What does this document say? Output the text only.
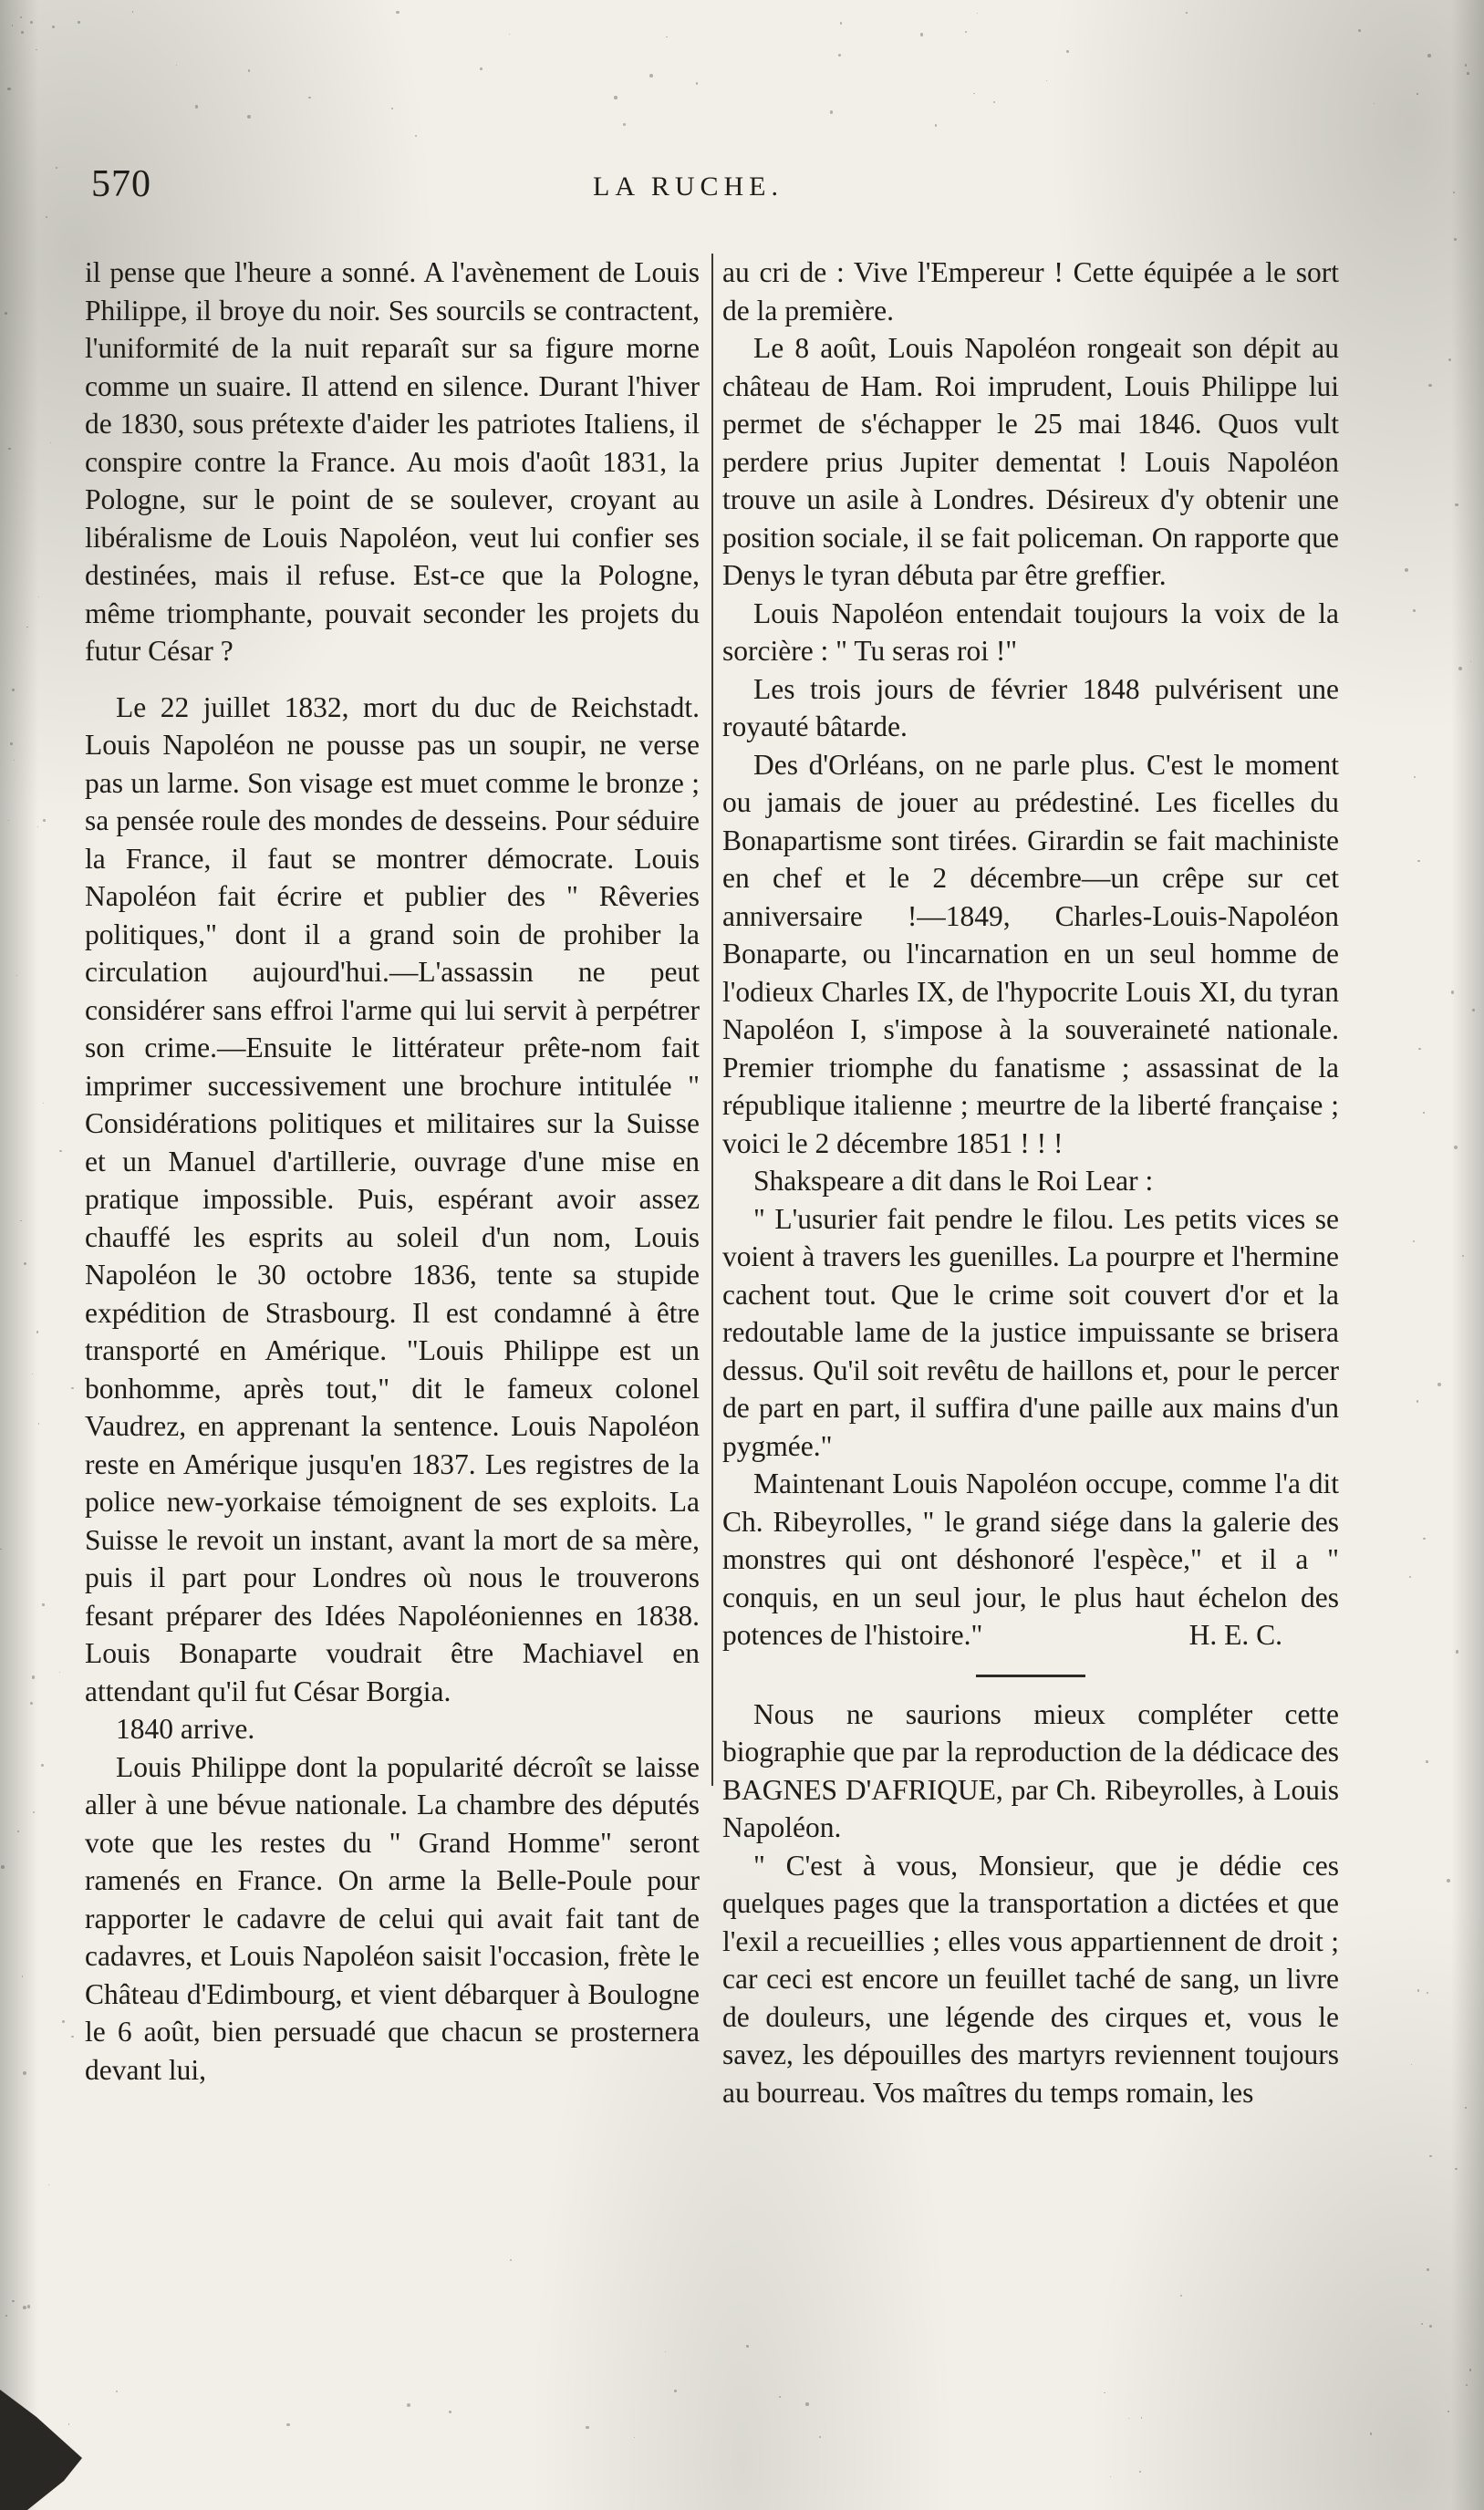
570	LA RUCHE.

il pense que l'heure a sonné. A l'avènement de Louis Philippe, il broye du noir. Ses sourcils se contractent, l'uniformité de la nuit reparaît sur sa figure morne comme un suaire. Il attend en silence. Durant l'hiver de 1830, sous prétexte d'aider les patriotes Italiens, il conspire contre la France. Au mois d'août 1831, la Pologne, sur le point de se soulever, croyant au libéralisme de Louis Napoléon, veut lui confier ses destinées, mais il refuse. Est-ce que la Pologne, même triomphante, pouvait seconder les projets du futur César ?

Le 22 juillet 1832, mort du duc de Reichstadt. Louis Napoléon ne pousse pas un soupir, ne verse pas un larme. Son visage est muet comme le bronze ; sa pensée roule des mondes de desseins. Pour séduire la France, il faut se montrer démocrate. Louis Napoléon fait écrire et publier des " Rêveries politiques," dont il a grand soin de prohiber la circulation aujourd'hui.—L'assassin ne peut considérer sans effroi l'arme qui lui servit à perpétrer son crime.—Ensuite le littérateur prête-nom fait imprimer successivement une brochure intitulée " Considérations politiques et militaires sur la Suisse et un Manuel d'artillerie, ouvrage d'une mise en pratique impossible. Puis, espérant avoir assez chauffé les esprits au soleil d'un nom, Louis Napoléon le 30 octobre 1836, tente sa stupide expédition de Strasbourg. Il est condamné à être transporté en Amérique. "Louis Philippe est un bonhomme, après tout," dit le fameux colonel Vaudrez, en apprenant la sentence. Louis Napoléon reste en Amérique jusqu'en 1837. Les registres de la police new-yorkaise témoignent de ses exploits. La Suisse le revoit un instant, avant la mort de sa mère, puis il part pour Londres où nous le trouverons fesant préparer des Idées Napoléoniennes en 1838. Louis Bonaparte voudrait être Machiavel en attendant qu'il fut César Borgia.

1840 arrive.

Louis Philippe dont la popularité décroît se laisse aller à une bévue nationale. La chambre des députés vote que les restes du " Grand Homme" seront ramenés en France. On arme la Belle-Poule pour rapporter le cadavre de celui qui avait fait tant de cadavres, et Louis Napoléon saisit l'occasion, frète le Château d'Edimbourg, et vient débarquer à Boulogne le 6 août, bien persuadé que chacun se prosternera devant lui,

au cri de : Vive l'Empereur ! Cette équipée a le sort de la première.

Le 8 août, Louis Napoléon rongeait son dépit au château de Ham. Roi imprudent, Louis Philippe lui permet de s'échapper le 25 mai 1846. Quos vult perdere prius Jupiter dementat ! Louis Napoléon trouve un asile à Londres. Désireux d'y obtenir une position sociale, il se fait policeman. On rapporte que Denys le tyran débuta par être greffier.

Louis Napoléon entendait toujours la voix de la sorcière : " Tu seras roi !"

Les trois jours de février 1848 pulvérisent une royauté bâtarde.

Des d'Orléans, on ne parle plus. C'est le moment ou jamais de jouer au prédestiné. Les ficelles du Bonapartisme sont tirées. Girardin se fait machiniste en chef et le 2 décembre—un crêpe sur cet anniversaire !—1849, Charles-Louis-Napoléon Bonaparte, ou l'incarnation en un seul homme de l'odieux Charles IX, de l'hypocrite Louis XI, du tyran Napoléon I, s'impose à la souveraineté nationale. Premier triomphe du fanatisme ; assassinat de la république italienne ; meurtre de la liberté française ; voici le 2 décembre 1851 ! ! !

Shakspeare a dit dans le Roi Lear :

" L'usurier fait pendre le filou. Les petits vices se voient à travers les guenilles. La pourpre et l'hermine cachent tout. Que le crime soit couvert d'or et la redoutable lame de la justice impuissante se brisera dessus. Qu'il soit revêtu de haillons et, pour le percer de part en part, il suffira d'une paille aux mains d'un pygmée."

Maintenant Louis Napoléon occupe, comme l'a dit Ch. Ribeyrolles, " le grand siége dans la galerie des monstres qui ont déshonoré l'espèce," et il a " conquis, en un seul jour, le plus haut échelon des potences de l'histoire."	H. E. C.

Nous ne saurions mieux compléter cette biographie que par la reproduction de la dédicace des BAGNES D'AFRIQUE, par Ch. Ribeyrolles, à Louis Napoléon.

" C'est à vous, Monsieur, que je dédie ces quelques pages que la transportation a dictées et que l'exil a recueillies ; elles vous appartiennent de droit ; car ceci est encore un feuillet taché de sang, un livre de douleurs, une légende des cirques et, vous le savez, les dépouilles des martyrs reviennent toujours au bourreau. Vos maîtres du temps romain, les
